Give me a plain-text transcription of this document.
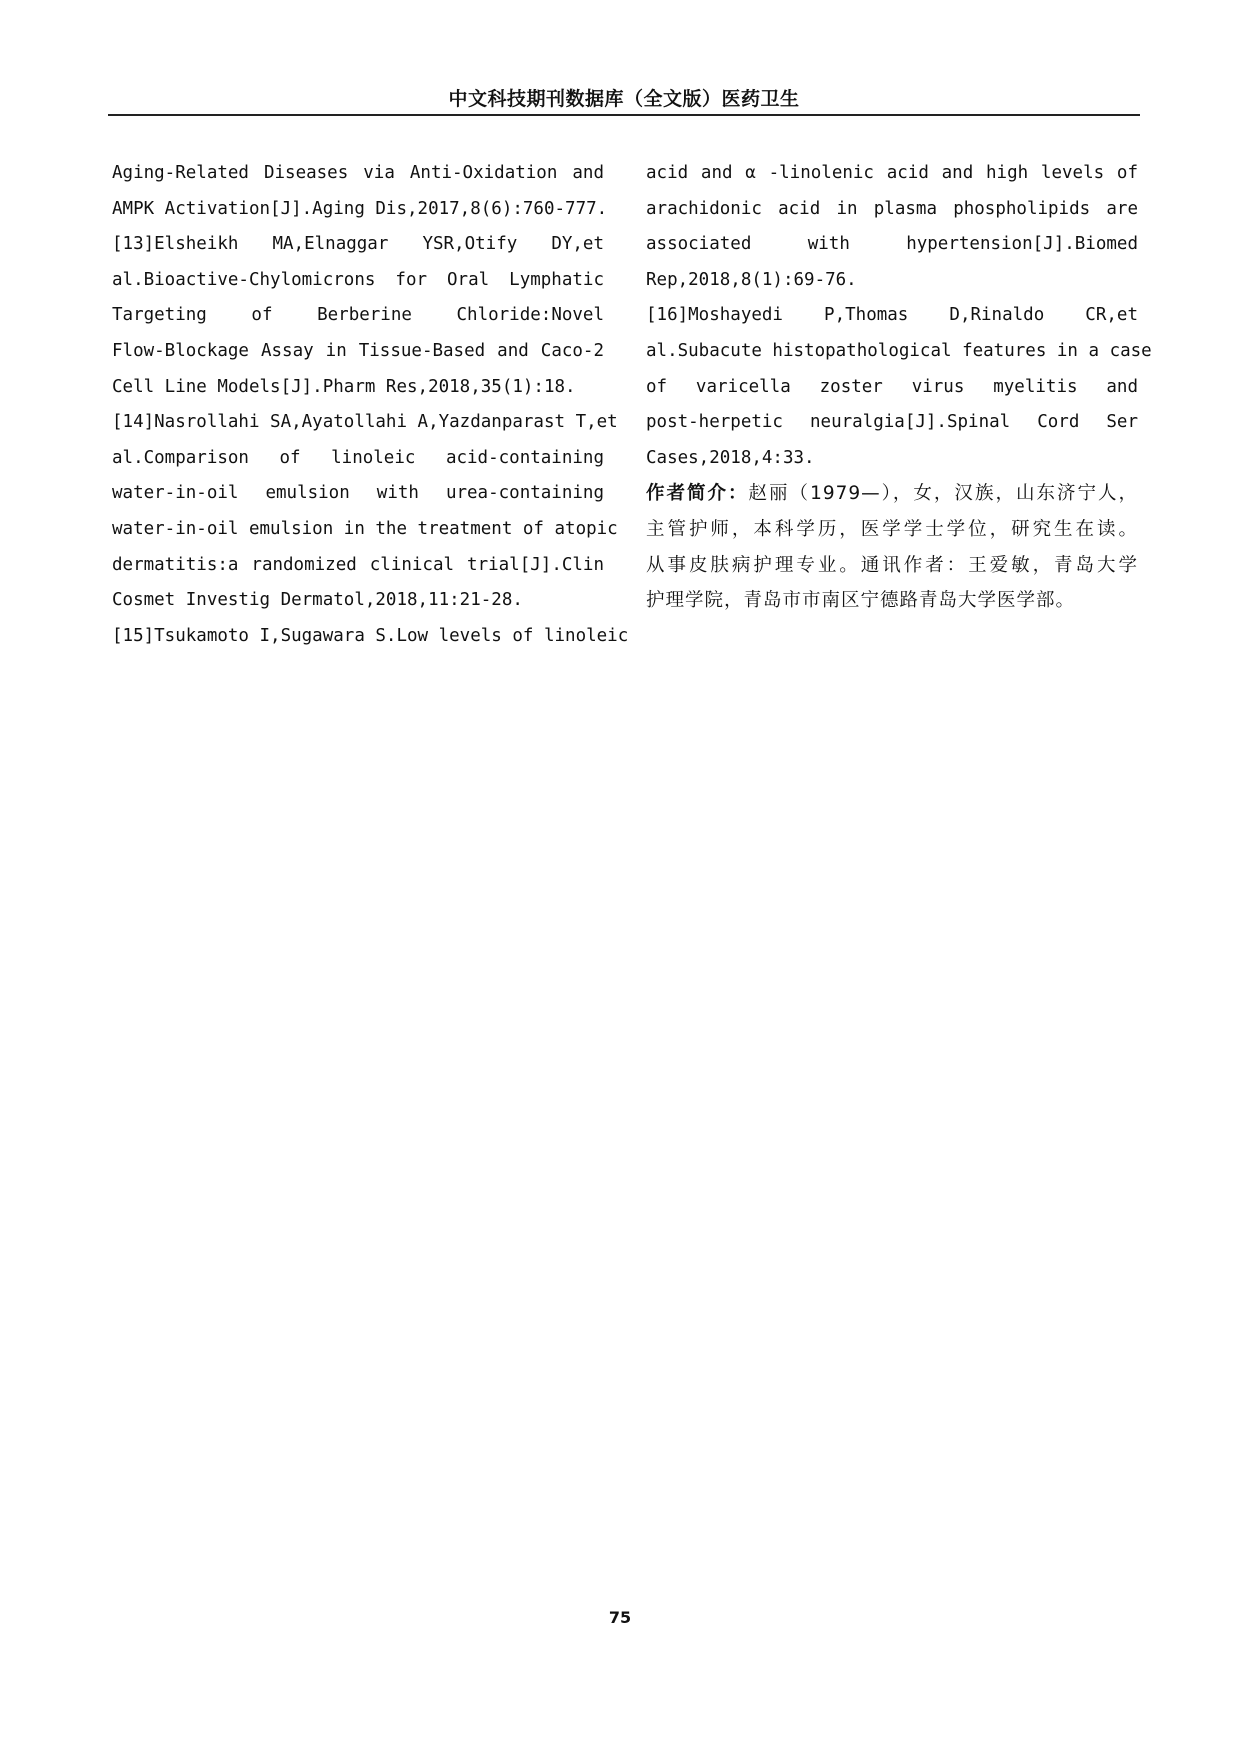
中文科技期刊数据库（全文版）医药卫生
Aging-Related Diseases via Anti-Oxidation and
AMPK Activation[J].Aging Dis,2017,8(6):760-777.
[13]Elsheikh MA,Elnaggar YSR,Otify DY,et
al.Bioactive-Chylomicrons for Oral Lymphatic
Targeting of Berberine Chloride:Novel
Flow-Blockage Assay in Tissue-Based and Caco-2
Cell Line Models[J].Pharm Res,2018,35(1):18.
[14]Nasrollahi SA,Ayatollahi A,Yazdanparast T,et
al.Comparison of linoleic acid-containing
water-in-oil emulsion with urea-containing
water-in-oil emulsion in the treatment of atopic
dermatitis:a randomized clinical trial[J].Clin
Cosmet Investig Dermatol,2018,11:21-28.
[15]Tsukamoto I,Sugawara S.Low levels of linoleic
acid and α -linolenic acid and high levels of
arachidonic acid in plasma phospholipids are
associated with hypertension[J].Biomed
Rep,2018,8(1):69-76.
[16]Moshayedi P,Thomas D,Rinaldo CR,et
al.Subacute histopathological features in a case
of varicella zoster virus myelitis and
post-herpetic neuralgia[J].Spinal Cord Ser
Cases,2018,4:33.
作者简介：赵丽（1979—），女，汉族，山东济宁人，
主管护师，本科学历，医学学士学位，研究生在读。
从事皮肤病护理专业。通讯作者：王爱敏，青岛大学
护理学院，青岛市市南区宁德路青岛大学医学部。
75
